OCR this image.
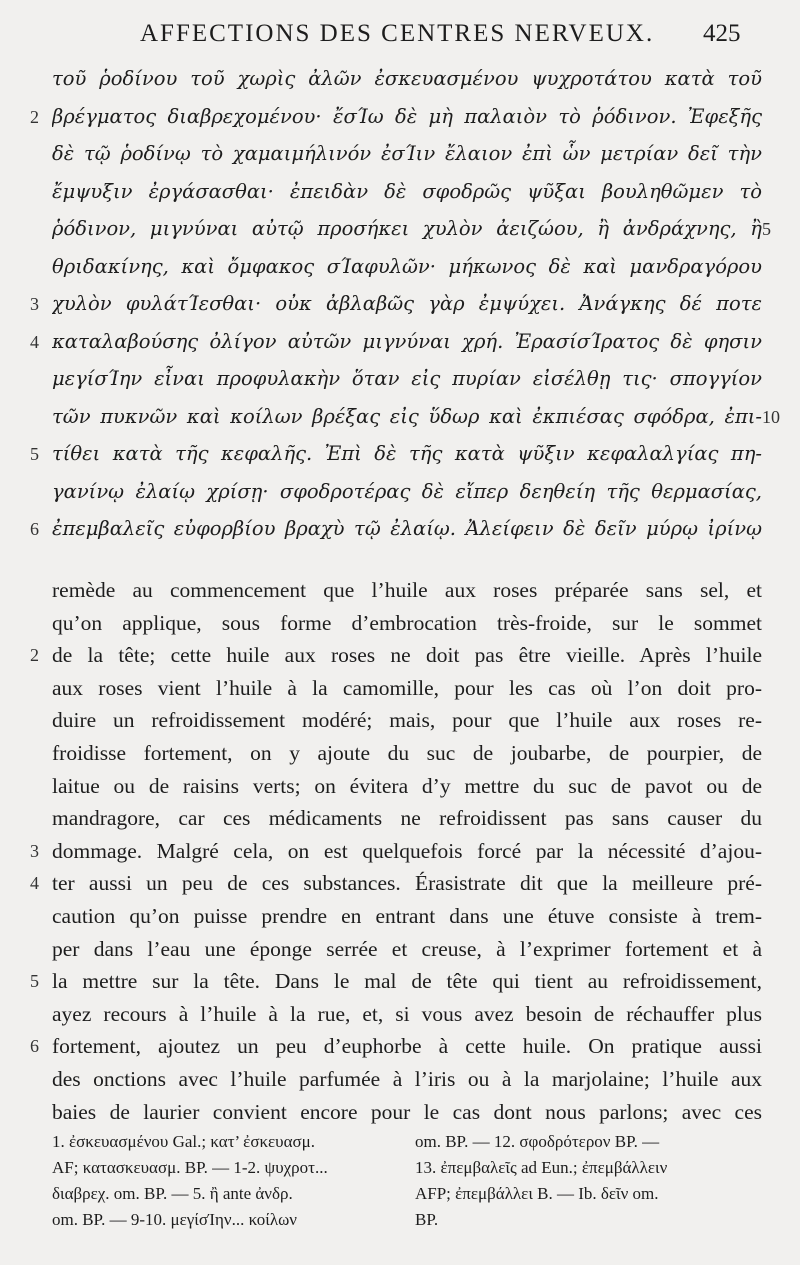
AFFECTIONS DES CENTRES NERVEUX. 425
τοῦ ῥοδίνου τοῦ χωρὶς ἀλῶν ἐσκευασμένου ψυχροτάτου κατὰ τοῦ
βρέγματος διαβρεχομένου· ἔσΊω δὲ μὴ παλαιὸν τὸ ῥόδινον. Ἐφεξῆς
δὲ τῷ ῥοδίνῳ τὸ χαμαιμήλινόν ἐσΊιν ἔλαιον ἐπὶ ὧν μετρίαν δεῖ τὴν
ἔμψυξιν ἐργάσασθαι· ἐπειδὰν δὲ σφοδρῶς ψῦξαι βουληθῶμεν τὸ
ῥόδινον, μιγνύναι αὐτῷ προσήκει χυλὸν ἀειζώου, ἢ ἀνδράχνης, ἢ
θριδακίνης, καὶ ὄμφακος σΊαφυλῶν· μήκωνος δὲ καὶ μανδραγόρου
χυλὸν φυλάτΊεσθαι· οὐκ ἀβλαβῶς γὰρ ἐμψύχει. Ἀνάγκης δέ ποτε
καταλαβούσης ὀλίγον αὐτῶν μιγνύναι χρή. ἘρασίσΊρατος δὲ φησιν
μεγίσΊην εἶναι προφυλακὴν ὅταν εἰς πυρίαν εἰσέλθῃ τις· σπογγίον
τῶν πυκνῶν καὶ κοίλων βρέξας εἰς ὕδωρ καὶ ἐκπιέσας σφόδρα, ἐπι-
τίθει κατὰ τῆς κεφαλῆς. Ἐπὶ δὲ τῆς κατὰ ψῦξιν κεφαλαλγίας πη-
γανίνῳ ἐλαίῳ χρίσῃ· σφοδροτέρας δὲ εἴπερ δεηθείη τῆς θερμασίας,
ἐπεμβαλεῖς εὐφορβίου βραχὺ τῷ ἐλαίῳ. Ἀλείφειν δὲ δεῖν μύρῳ ἰρίνῳ
2
3
4
5
6
5
10
remède au commencement que l’huile aux roses préparée sans sel, et
qu’on applique, sous forme d’embrocation très-froide, sur le sommet
de la tête; cette huile aux roses ne doit pas être vieille. Après l’huile
aux roses vient l’huile à la camomille, pour les cas où l’on doit pro-
duire un refroidissement modéré; mais, pour que l’huile aux roses re-
froidisse fortement, on y ajoute du suc de joubarbe, de pourpier, de
laitue ou de raisins verts; on évitera d’y mettre du suc de pavot ou de
mandragore, car ces médicaments ne refroidissent pas sans causer du
dommage. Malgré cela, on est quelquefois forcé par la nécessité d’ajou-
ter aussi un peu de ces substances. Érasistrate dit que la meilleure pré-
caution qu’on puisse prendre en entrant dans une étuve consiste à trem-
per dans l’eau une éponge serrée et creuse, à l’exprimer fortement et à
la mettre sur la tête. Dans le mal de tête qui tient au refroidissement,
ayez recours à l’huile à la rue, et, si vous avez besoin de réchauffer plus
fortement, ajoutez un peu d’euphorbe à cette huile. On pratique aussi
des onctions avec l’huile parfumée à l’iris ou à la marjolaine; l’huile aux
baies de laurier convient encore pour le cas dont nous parlons; avec ces
2
3
4
5
6
1. ἐσκευασμένου Gal.; κατ’ ἐσκευασμ.
AF; κατασκευασμ. BP. — 1-2. ψυχροτ...
διαβρεχ. om. BP. — 5. ἢ ante ἀνδρ.
om. BP. — 9-10. μεγίσΊην... κοίλων
om. BP. — 12. σφοδρότερον BP. —
13. ἐπεμβαλεῖς ad Eun.; ἐπεμβάλλειν
AFP; ἐπεμβάλλει B. — Ib. δεῖν om.
BP.
